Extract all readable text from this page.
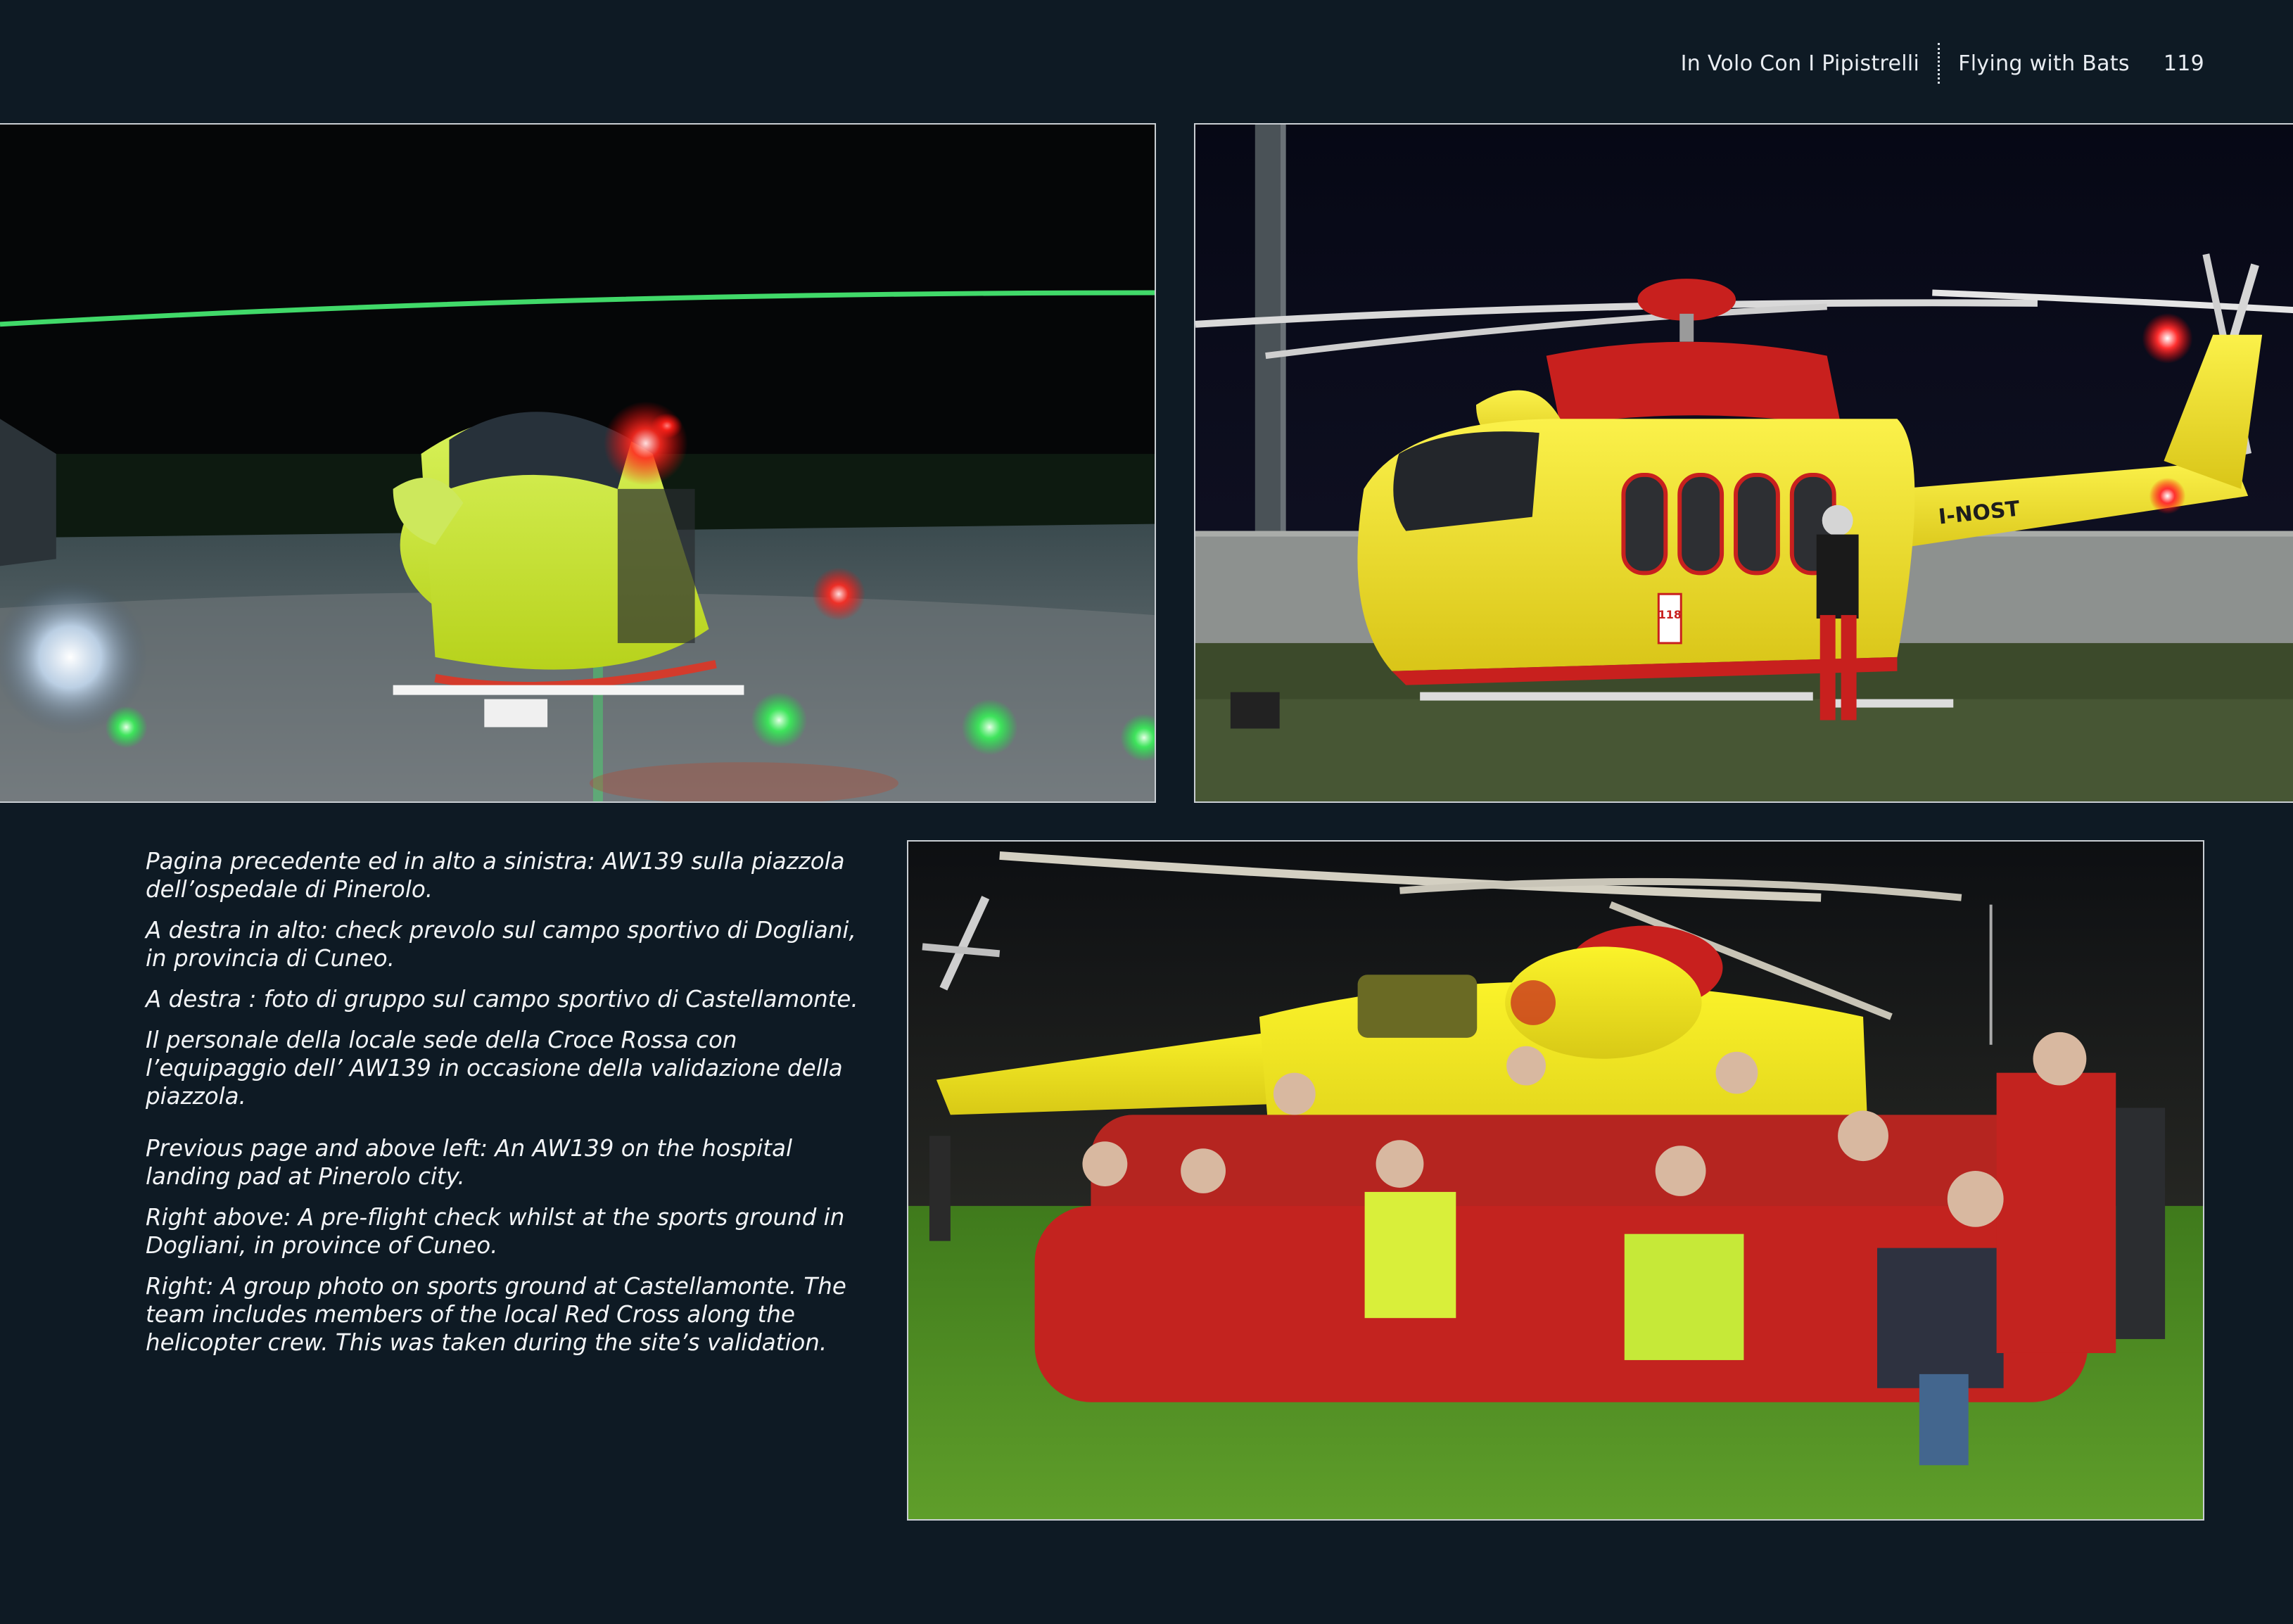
In Volo Con I Pipistrelli Flying with Bats 119
118
I-NOST

Pagina precedente ed in alto a sinistra: AW139 sulla piazzola dell’ospedale di Pinerolo.

A destra in alto: check prevolo sul campo sportivo di Dogliani, in provincia di Cuneo.

A destra : foto di gruppo sul campo sportivo di Castellamonte.

Il personale della locale sede della Croce Rossa con l’equipaggio dell’ AW139 in occasione della validazione della piazzola.

Previous page and above left: An AW139 on the hospital landing pad at Pinerolo city.

Right above: A pre-flight check whilst at the sports ground in Dogliani, in province of Cuneo.

Right: A group photo on sports ground at Castellamonte. The team includes members of the local Red Cross along the helicopter crew. This was taken during the site’s validation.
